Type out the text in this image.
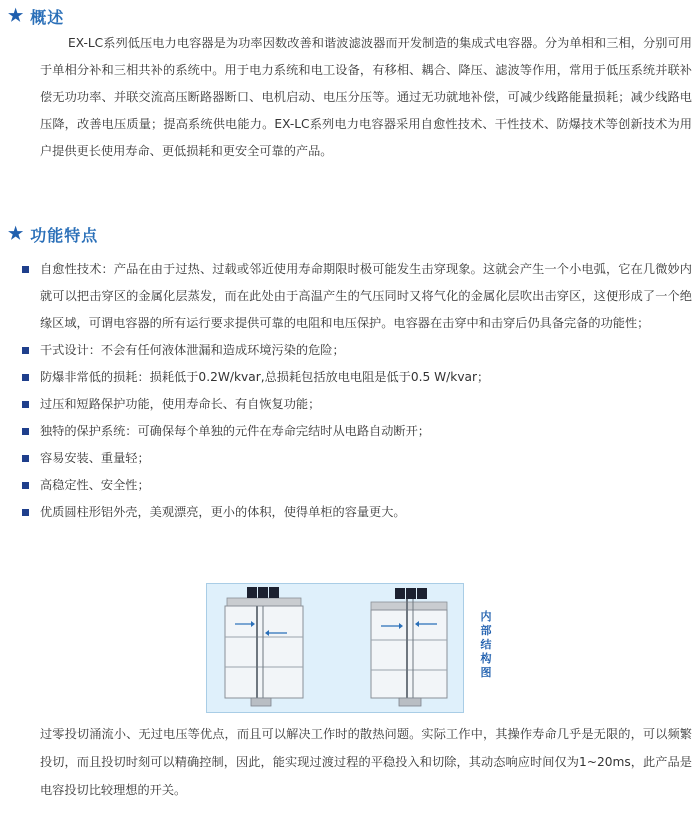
★ 概述
EX-LC系列低压电力电容器是为功率因数改善和谐波滤波器而开发制造的集成式电容器。分为单相和三相，分别可用于单相分补和三相共补的系统中。用于电力系统和电工设备，有移相、耦合、降压、滤波等作用，常用于低压系统并联补偿无功功率、并联交流高压断路器断口、电机启动、电压分压等。通过无功就地补偿，可减少线路能量损耗；减少线路电压降，改善电压质量；提高系统供电能力。EX-LC系列电力电容器采用自愈性技术、干性技术、防爆技术等创新技术为用户提供更长使用寿命、更低损耗和更安全可靠的产品。
★ 功能特点
自愈性技术：产品在由于过热、过载或邻近使用寿命期限时极可能发生击穿现象。这就会产生一个小电弧，它在几微妙内就可以把击穿区的金属化层蒸发，而在此处由于高温产生的气压同时又将气化的金属化层吹出击穿区，这便形成了一个绝缘区域，可谓电容器的所有运行要求提供可靠的电阻和电压保护。电容器在击穿中和击穿后仍具备完备的功能性；
干式设计：不会有任何液体泄漏和造成环境污染的危险；
防爆非常低的损耗：损耗低于0.2W/kvar,总损耗包括放电电阻是低于0.5 W/kvar；
过压和短路保护功能，使用寿命长、有自恢复功能；
独特的保护系统：可确保每个单独的元件在寿命完结时从电路自动断开；
容易安装、重量轻；
高稳定性、安全性；
优质圆柱形铝外壳，美观漂亮，更小的体积，使得单柜的容量更大。
内部结构图
过零投切涌流小、无过电压等优点，而且可以解决工作时的散热问题。实际工作中，其操作寿命几乎是无限的，可以频繁投切，而且投切时刻可以精确控制，因此，能实现过渡过程的平稳投入和切除，其动态响应时间仅为1~20ms，此产品是电容投切比较理想的开关。
